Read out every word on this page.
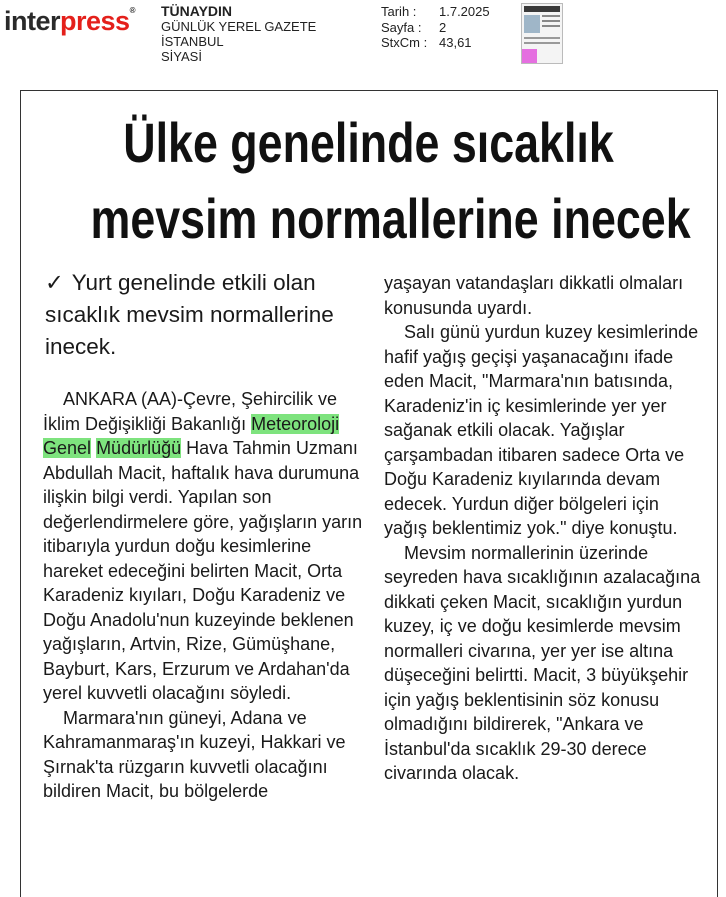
interpress® TÜNAYDIN
GÜNLÜK YEREL GAZETE
İSTANBUL
SİYASİ
Tarih :	1.7.2025
Sayfa :	2
StxCm : 43,61
Ülke genelinde sıcaklık
mevsim normallerine inecek
✓ Yurt genelinde etkili olan sıcaklık mevsim normallerine inecek.

ANKARA (AA)-Çevre, Şehircilik ve İklim Değişikliği Bakanlığı Meteoroloji Genel Müdürlüğü Hava Tahmin Uzmanı Abdullah Macit, haftalık hava durumuna ilişkin bilgi verdi. Yapılan son değerlendirmelere göre, yağışların yarın itibarıyla yurdun doğu kesimlerine hareket edeceğini belirten Macit, Orta Karadeniz kıyıları, Doğu Karadeniz ve Doğu Anadolu'nun kuzeyinde beklenen yağışların, Artvin, Rize, Gümüşhane, Bayburt, Kars, Erzurum ve Ardahan'da yerel kuvvetli olacağını söyledi.

Marmara'nın güneyi, Adana ve Kahramanmaraş'ın kuzeyi, Hakkari ve Şırnak'ta rüzgarın kuvvetli olacağını bildiren Macit, bu bölgelerde

yaşayan vatandaşları dikkatli olmaları konusunda uyardı.

Salı günü yurdun kuzey kesimlerinde hafif yağış geçişi yaşanacağını ifade eden Macit, "Marmara'nın batısında, Karadeniz'in iç kesimlerinde yer yer sağanak etkili olacak. Yağışlar çarşambadan itibaren sadece Orta ve Doğu Karadeniz kıyılarında devam edecek. Yurdun diğer bölgeleri için yağış beklentimiz yok." diye konuştu.

Mevsim normallerinin üzerinde seyreden hava sıcaklığının azalacağına dikkati çeken Macit, sıcaklığın yurdun kuzey, iç ve doğu kesimlerde mevsim normalleri civarına, yer yer ise altına düşeceğini belirtti. Macit, 3 büyükşehir için yağış beklentisinin söz konusu olmadığını bildirerek, "Ankara ve İstanbul'da sıcaklık 29-30 derece civarında olacak.
